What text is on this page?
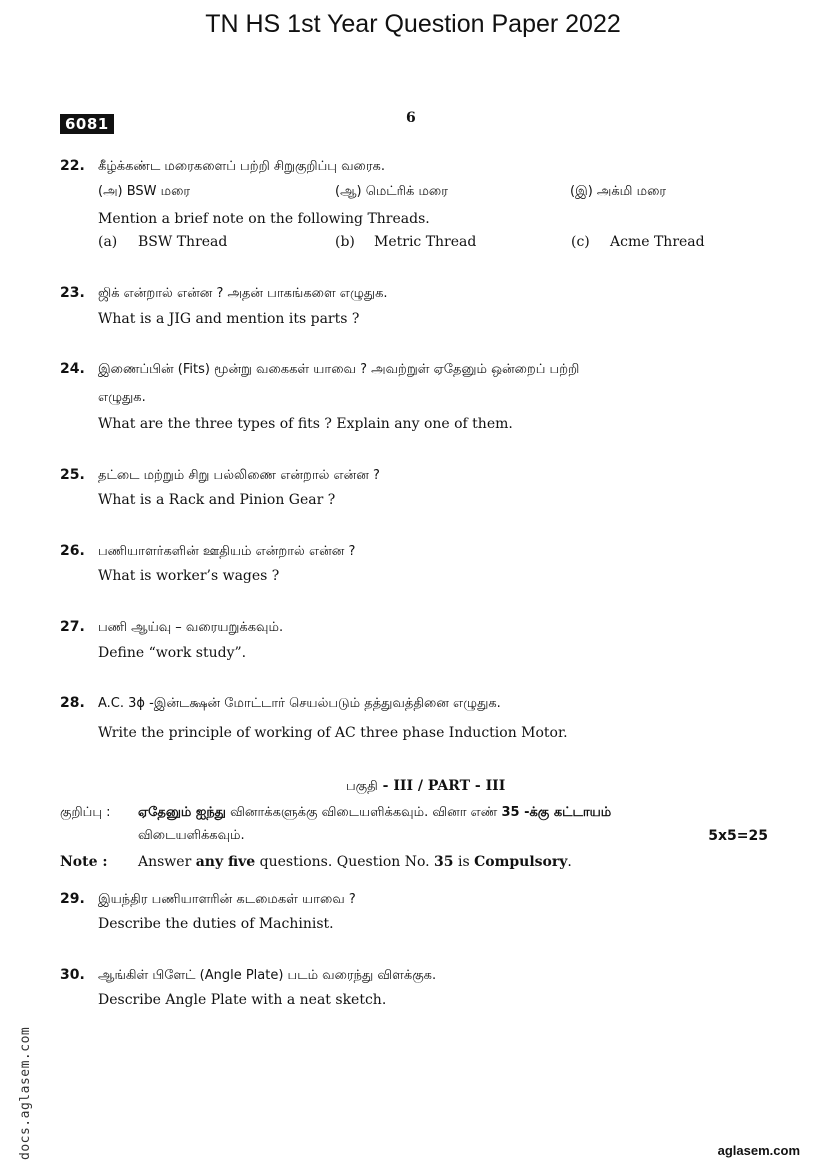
TN HS 1st Year Question Paper 2022
6081	6
22. கீழ்க்கண்ட மரைகளைப் பற்றி சிறுகுறிப்பு வரைக.
(அ) BSW மரை	(ஆ) மெட்ரிக் மரை	(இ) அக்மி மரை
Mention a brief note on the following Threads.
(a) BSW Thread	(b) Metric Thread	(c) Acme Thread
23. ஜிக் என்றால் என்ன ? அதன் பாகங்களை எழுதுக.
What is a JIG and mention its parts ?
24. இணைப்பின் (Fits) மூன்று வகைகள் யாவை ? அவற்றுள் ஏதேனும் ஒன்றைப் பற்றி
எழுதுக.
What are the three types of fits ? Explain any one of them.
25. தட்டை மற்றும் சிறு பல்லிணை என்றால் என்ன ?
What is a Rack and Pinion Gear ?
26. பணியாளர்களின் ஊதியம் என்றால் என்ன ?
What is worker’s wages ?
27. பணி ஆய்வு – வரையறுக்கவும்.
Define “work study”.
28. A.C. 3ϕ -இன்டக்ஷன் மோட்டார் செயல்படும் தத்துவத்தினை எழுதுக.
Write the principle of working of AC three phase Induction Motor.
பகுதி - III / PART - III
குறிப்பு : ஏதேனும் ஐந்து வினாக்களுக்கு விடையளிக்கவும். வினா எண் 35 -க்கு கட்டாயம்
விடையளிக்கவும்.	5x5=25
Note : Answer any five questions. Question No. 35 is Compulsory.
29. இயந்திர பணியாளரின் கடமைகள் யாவை ?
Describe the duties of Machinist.
30. ஆங்கிள் பிளேட் (Angle Plate) படம் வரைந்து விளக்குக.
Describe Angle Plate with a neat sketch.
docs.aglasem.com	aglasem.com
